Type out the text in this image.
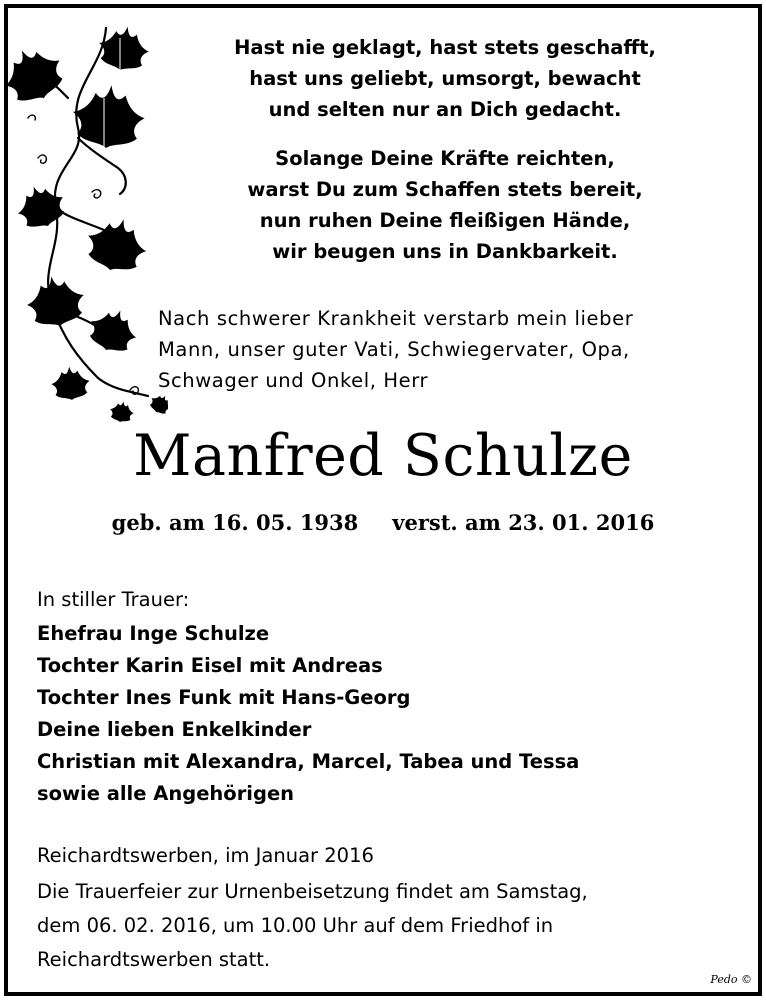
Hast nie geklagt, hast stets geschafft,
hast uns geliebt, umsorgt, bewacht
und selten nur an Dich gedacht.
Solange Deine Kräfte reichten,
warst Du zum Schaffen stets bereit,
nun ruhen Deine fleißigen Hände,
wir beugen uns in Dankbarkeit.
Nach schwerer Krankheit verstarb mein lieber
Mann, unser guter Vati, Schwiegervater, Opa,
Schwager und Onkel, Herr
Manfred Schulze
geb. am 16. 05. 1938 verst. am 23. 01. 2016
In stiller Trauer:
Ehefrau Inge Schulze
Tochter Karin Eisel mit Andreas
Tochter Ines Funk mit Hans-Georg
Deine lieben Enkelkinder
Christian mit Alexandra, Marcel, Tabea und Tessa
sowie alle Angehörigen
Reichardtswerben, im Januar 2016
Die Trauerfeier zur Urnenbeisetzung findet am Samstag,
dem 06. 02. 2016, um 10.00 Uhr auf dem Friedhof in
Reichardtswerben statt.
Pedo ©
